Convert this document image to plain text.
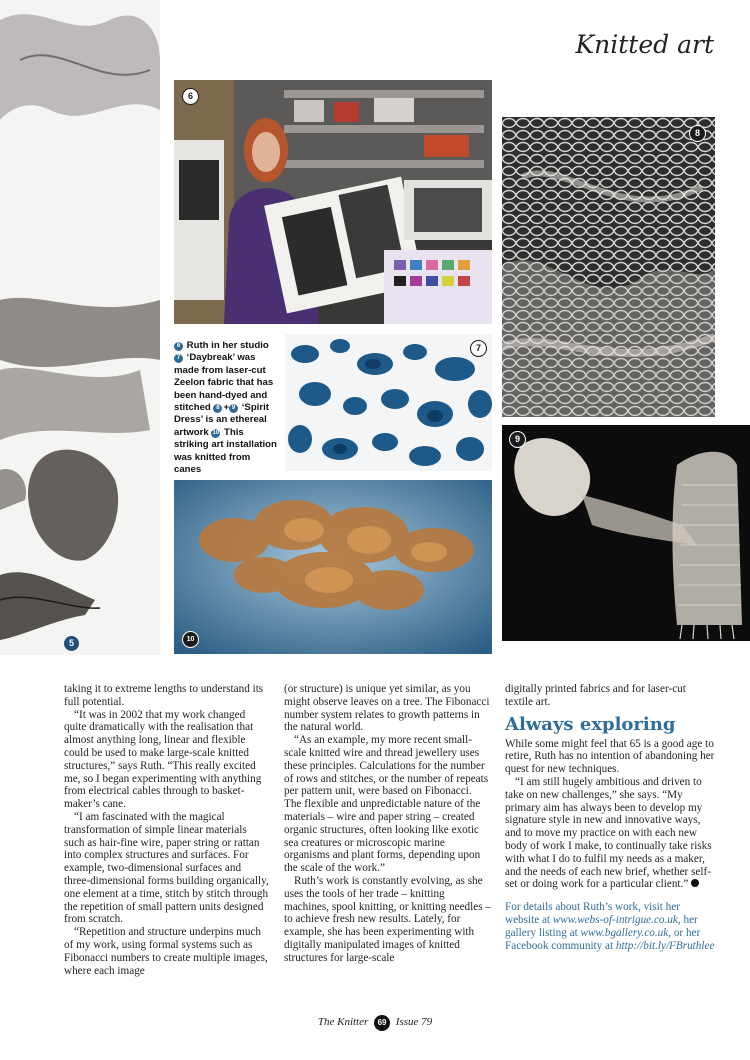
Knitted art
5
6
8
6 Ruth in her studio 7 ‘Daybreak’ was made from laser-cut Zeelon fabric that has been hand-dyed and stitched 8 + 9 ‘Spirit Dress’ is an ethereal artwork 10 This striking art installation was knitted from canes
7
9
10

taking it to extreme lengths to understand its full potential.

“It was in 2002 that my work changed quite dramatically with the realisation that almost anything long, linear and flexible could be used to make large-scale knitted structures,” says Ruth. “This really excited me, so I began experimenting with anything from electrical cables through to basket-maker’s cane.

“I am fascinated with the magical transformation of simple linear materials such as hair-fine wire, paper string or rattan into complex structures and surfaces. For example, two-dimensional surfaces and three-dimensional forms building organically, one element at a time, stitch by stitch through the repetition of small pattern units designed from scratch.

“Repetition and structure underpins much of my work, using formal systems such as Fibonacci numbers to create multiple images, where each image

(or structure) is unique yet similar, as you might observe leaves on a tree. The Fibonacci number system relates to growth patterns in the natural world.

“As an example, my more recent small-scale knitted wire and thread jewellery uses these principles. Calculations for the number of rows and stitches, or the number of repeats per pattern unit, were based on Fibonacci. The flexible and unpredictable nature of the materials – wire and paper string – created organic structures, often looking like exotic sea creatures or microscopic marine organisms and plant forms, depending upon the scale of the work.”

Ruth’s work is constantly evolving, as she uses the tools of her trade – knitting machines, spool knitting, or knitting needles – to achieve fresh new results. Lately, for example, she has been experimenting with digitally manipulated images of knitted structures for large-scale

digitally printed fabrics and for laser-cut textile art.

Always exploring

While some might feel that 65 is a good age to retire, Ruth has no intention of abandoning her quest for new techniques.

“I am still hugely ambitious and driven to take on new challenges,” she says. “My primary aim has always been to develop my signature style in new and innovative ways, and to move my practice on with each new body of work I make, to continually take risks with what I do to fulfil my needs as a maker, and the needs of each new brief, whether self-set or doing work for a particular client.”

For details about Ruth’s work, visit her website at www.webs-of-intrigue.co.uk, her gallery listing at www.bgallery.co.uk, or her Facebook community at http://bit.ly/FBruthlee

The Knitter 69 Issue 79
